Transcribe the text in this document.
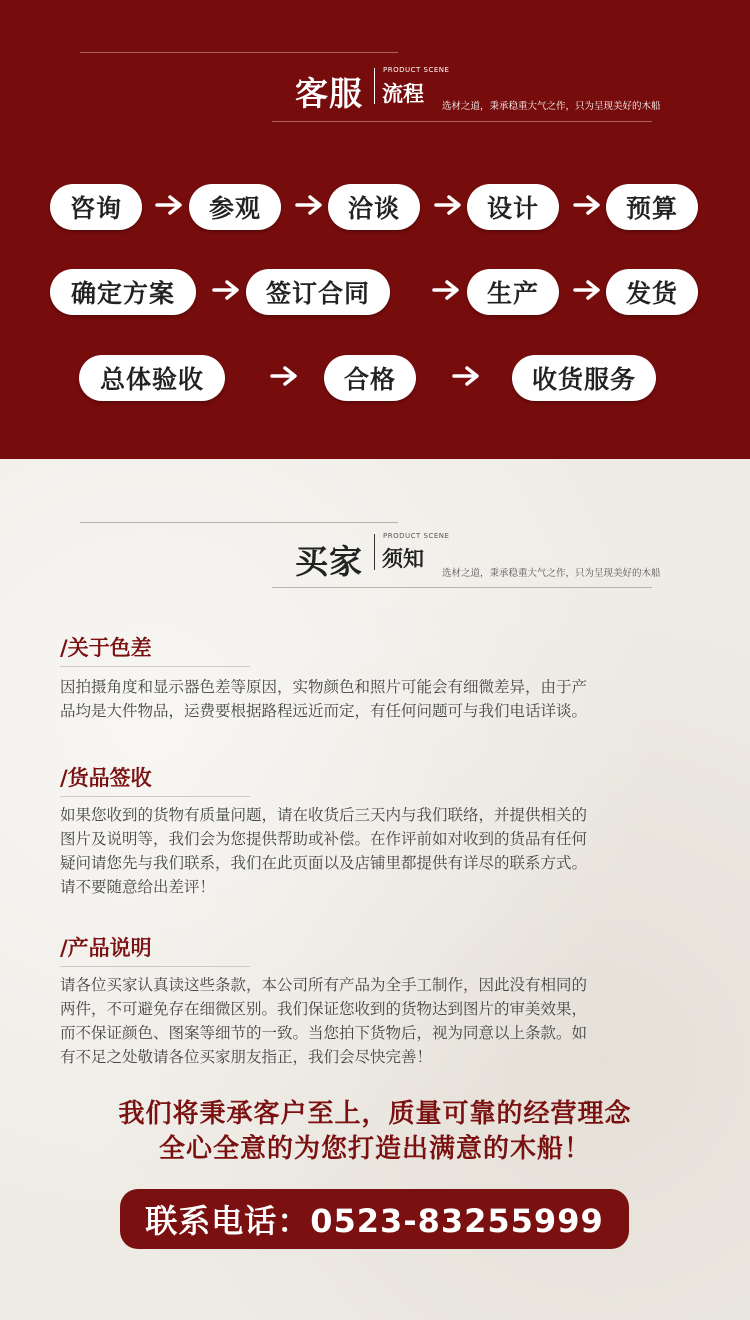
客服
PRODUCT SCENE
流程
选材之道，秉承稳重大气之作，只为呈现美好的木船
咨询	参观	洽谈	设计	预算
确定方案	签订合同	生产	发货
总体验收	合格	收货服务
买家
PRODUCT SCENE
须知
选材之道，秉承稳重大气之作，只为呈现美好的木船
/关于色差
因拍摄角度和显示器色差等原因，实物颜色和照片可能会有细微差异，由于产
品均是大件物品，运费要根据路程远近而定，有任何问题可与我们电话详谈。
/货品签收
如果您收到的货物有质量问题，请在收货后三天内与我们联络，并提供相关的
图片及说明等，我们会为您提供帮助或补偿。在作评前如对收到的货品有任何
疑问请您先与我们联系，我们在此页面以及店铺里都提供有详尽的联系方式。
请不要随意给出差评！
/产品说明
请各位买家认真读这些条款，本公司所有产品为全手工制作，因此没有相同的
两件，不可避免存在细微区别。我们保证您收到的货物达到图片的审美效果，
而不保证颜色、图案等细节的一致。当您拍下货物后，视为同意以上条款。如
有不足之处敬请各位买家朋友指正，我们会尽快完善！
我们将秉承客户至上，质量可靠的经营理念
全心全意的为您打造出满意的木船！
联系电话：0523-83255999
